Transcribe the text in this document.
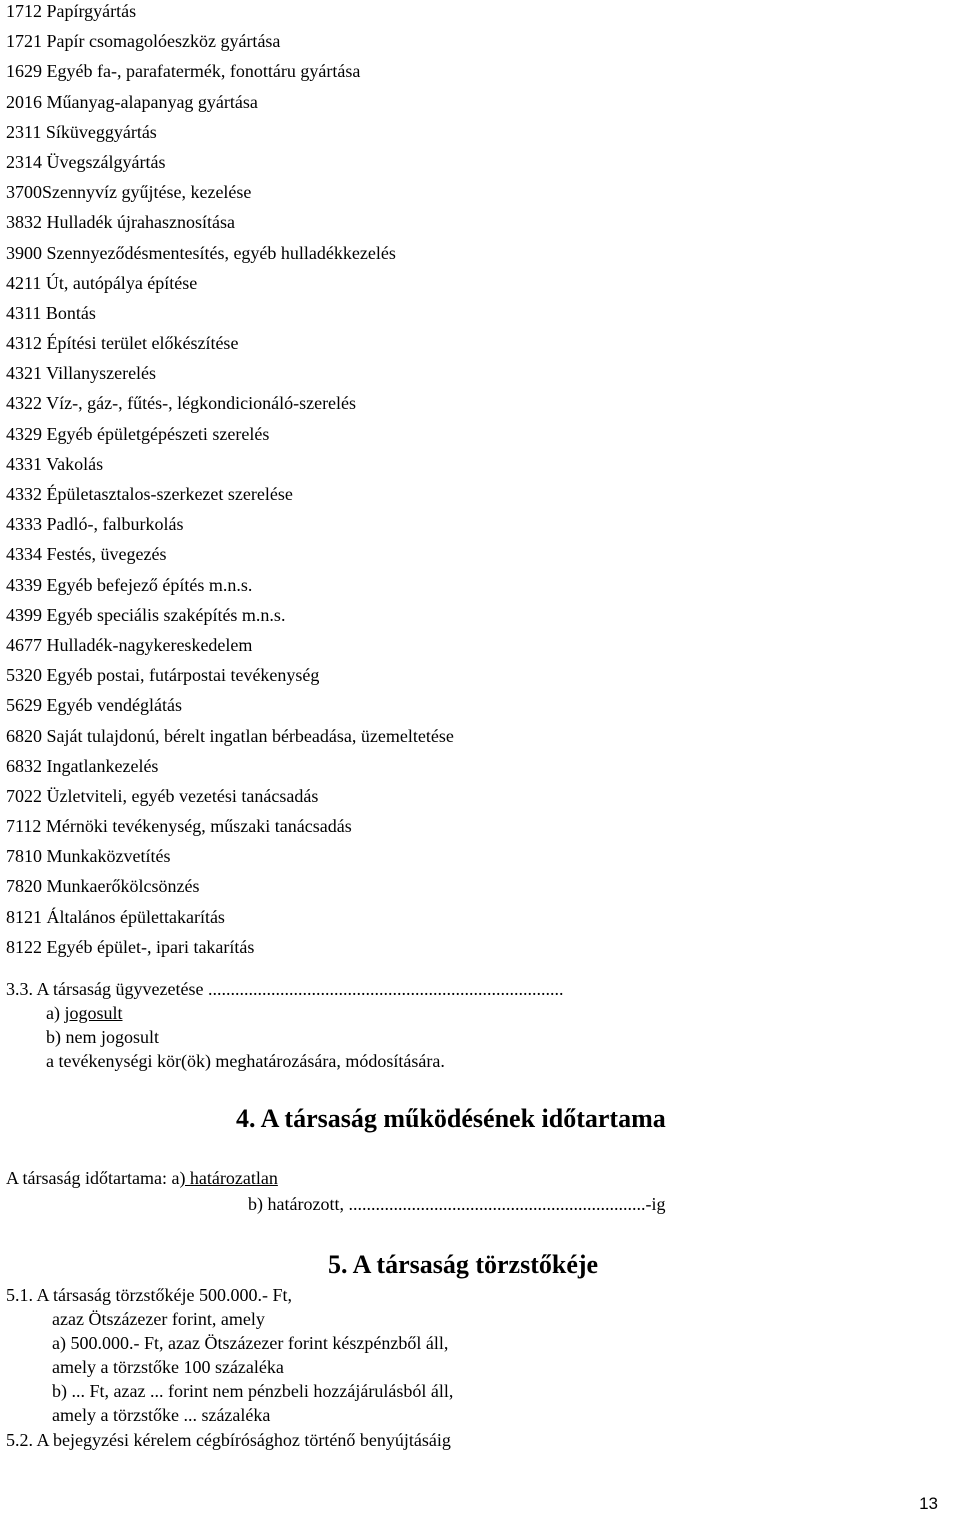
1712 Papírgyártás
1721 Papír csomagolóeszköz gyártása
1629 Egyéb fa-, parafatermék, fonottáru gyártása
2016 Műanyag-alapanyag gyártása
2311 Síküveggyártás
2314 Üvegszálgyártás
3700Szennyvíz gyűjtése, kezelése
3832 Hulladék újrahasznosítása
3900 Szennyeződésmentesítés, egyéb hulladékkezelés
4211 Út, autópálya építése
4311 Bontás
4312 Építési terület előkészítése
4321 Villanyszerelés
4322 Víz-, gáz-, fűtés-, légkondicionáló-szerelés
4329 Egyéb épületgépészeti szerelés
4331 Vakolás
4332 Épületasztalos-szerkezet szerelése
4333 Padló-, falburkolás
4334 Festés, üvegezés
4339 Egyéb befejező építés m.n.s.
4399 Egyéb speciális szaképítés m.n.s.
4677 Hulladék-nagykereskedelem
5320 Egyéb postai, futárpostai tevékenység
5629 Egyéb vendéglátás
6820 Saját tulajdonú, bérelt ingatlan bérbeadása, üzemeltetése
6832 Ingatlankezelés
7022 Üzletviteli, egyéb vezetési tanácsadás
7112 Mérnöki tevékenység, műszaki tanácsadás
7810 Munkaközvetítés
7820 Munkaerőkölcsönzés
8121 Általános épülettakarítás
8122 Egyéb épület-, ipari takarítás
3.3. A társaság ügyvezetése ...............................................................................
a) jogosult
b) nem jogosult
a tevékenységi kör(ök) meghatározására, módosítására.
4. A társaság működésének időtartama
A társaság időtartama: a) határozatlan
b) határozott, ..................................................................-ig
5. A társaság törzstőkéje
5.1. A társaság törzstőkéje 500.000.- Ft,
azaz Ötszázezer forint, amely
a) 500.000.- Ft, azaz Ötszázezer forint készpénzből áll,
amely a törzstőke 100 százaléka
b) ... Ft, azaz ... forint nem pénzbeli hozzájárulásból áll,
amely a törzstőke ... százaléka
5.2. A bejegyzési kérelem cégbírósághoz történő benyújtásáig
13
